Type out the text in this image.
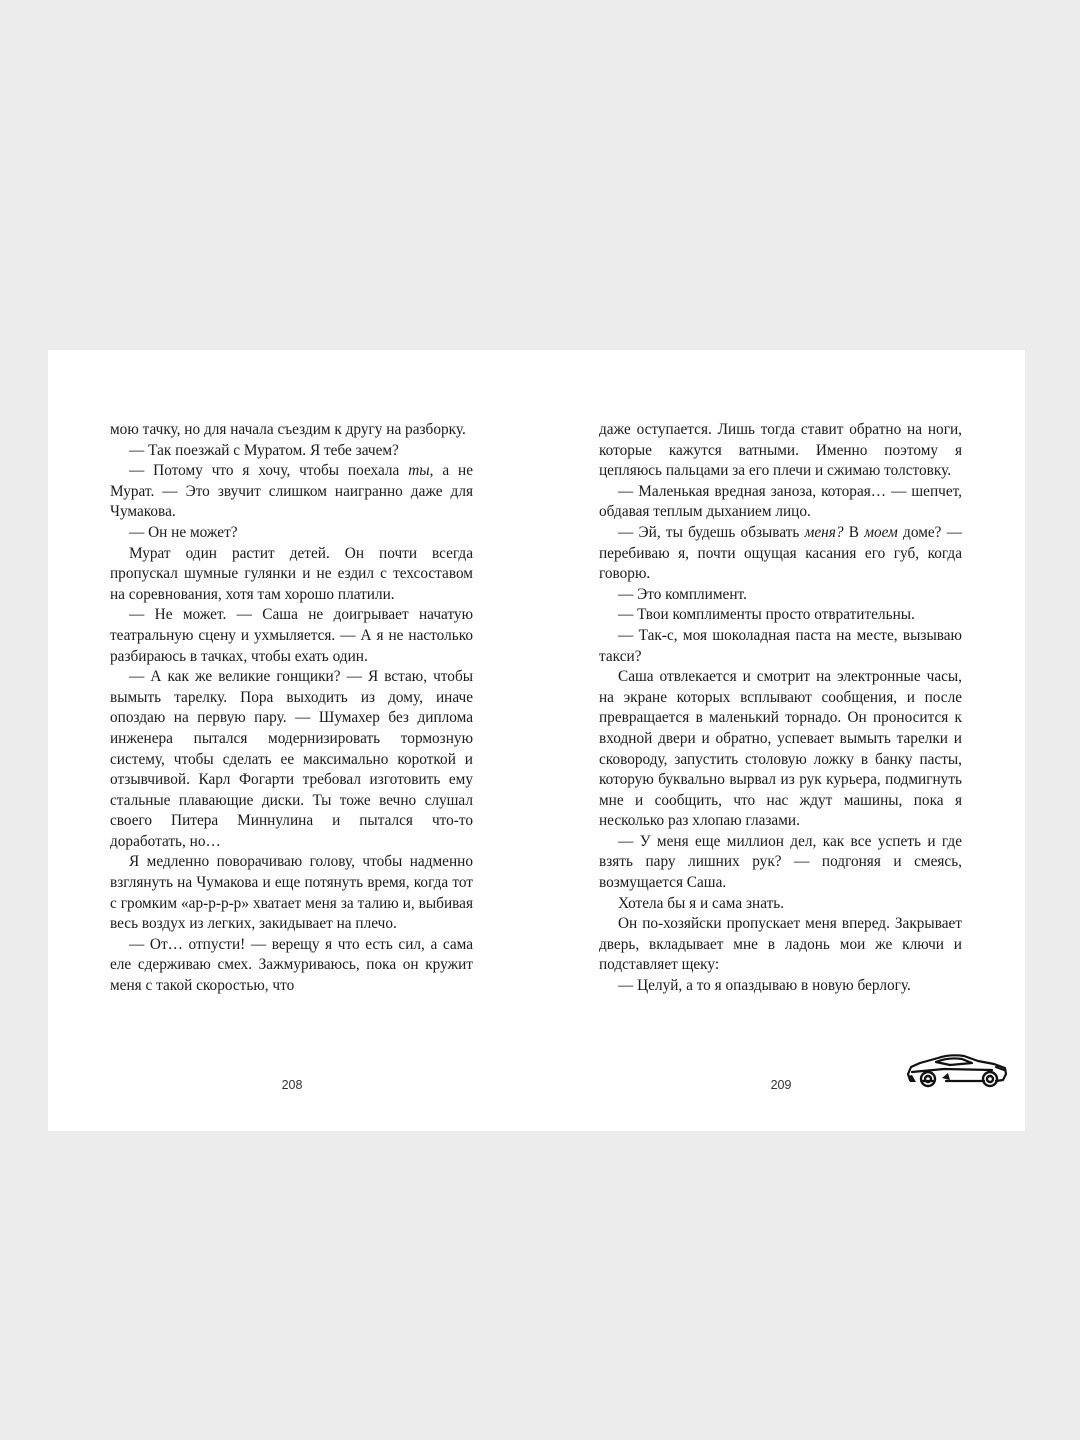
мою тачку, но для начала съездим к другу на разборку.

— Так поезжай с Муратом. Я тебе зачем?

— Потому что я хочу, чтобы поехала ты, а не Мурат. — Это звучит слишком наигранно даже для Чумакова.

— Он не может?

Мурат один растит детей. Он почти всегда пропускал шумные гулянки и не ездил с техсоставом на соревнования, хотя там хорошо платили.

— Не может. — Саша не доигрывает начатую театральную сцену и ухмыляется. — А я не настолько разбираюсь в тачках, чтобы ехать один.

— А как же великие гонщики? — Я встаю, чтобы вымыть тарелку. Пора выходить из дому, иначе опоздаю на первую пару. — Шумахер без диплома инженера пытался модернизировать тормозную систему, чтобы сделать ее максимально короткой и отзывчивой. Карл Фогарти требовал изготовить ему стальные плавающие диски. Ты тоже вечно слушал своего Питера Миннулина и пытался что-то доработать, но…

Я медленно поворачиваю голову, чтобы надменно взглянуть на Чумакова и еще потянуть время, когда тот с громким «ар-р-р-р» хватает меня за талию и, выбивая весь воздух из легких, закидывает на плечо.

— От… отпусти! — верещу я что есть сил, а сама еле сдерживаю смех. Зажмуриваюсь, пока он кружит меня с такой скоростью, что

даже оступается. Лишь тогда ставит обратно на ноги, которые кажутся ватными. Именно поэтому я цепляюсь пальцами за его плечи и сжимаю толстовку.

— Маленькая вредная заноза, которая… — шепчет, обдавая теплым дыханием лицо.

— Эй, ты будешь обзывать меня? В моем доме? — перебиваю я, почти ощущая касания его губ, когда говорю.

— Это комплимент.

— Твои комплименты просто отвратительны.

— Так-с, моя шоколадная паста на месте, вызываю такси?

Саша отвлекается и смотрит на электронные часы, на экране которых всплывают сообщения, и после превращается в маленький торнадо. Он проносится к входной двери и обратно, успевает вымыть тарелки и сковороду, запустить столовую ложку в банку пасты, которую буквально вырвал из рук курьера, подмигнуть мне и сообщить, что нас ждут машины, пока я несколько раз хлопаю глазами.

— У меня еще миллион дел, как все успеть и где взять пару лишних рук? — подгоняя и смеясь, возмущается Саша.

Хотела бы я и сама знать.

Он по-хозяйски пропускает меня вперед. Закрывает дверь, вкладывает мне в ладонь мои же ключи и подставляет щеку:

— Целуй, а то я опаздываю в новую берлогу.

208	209
